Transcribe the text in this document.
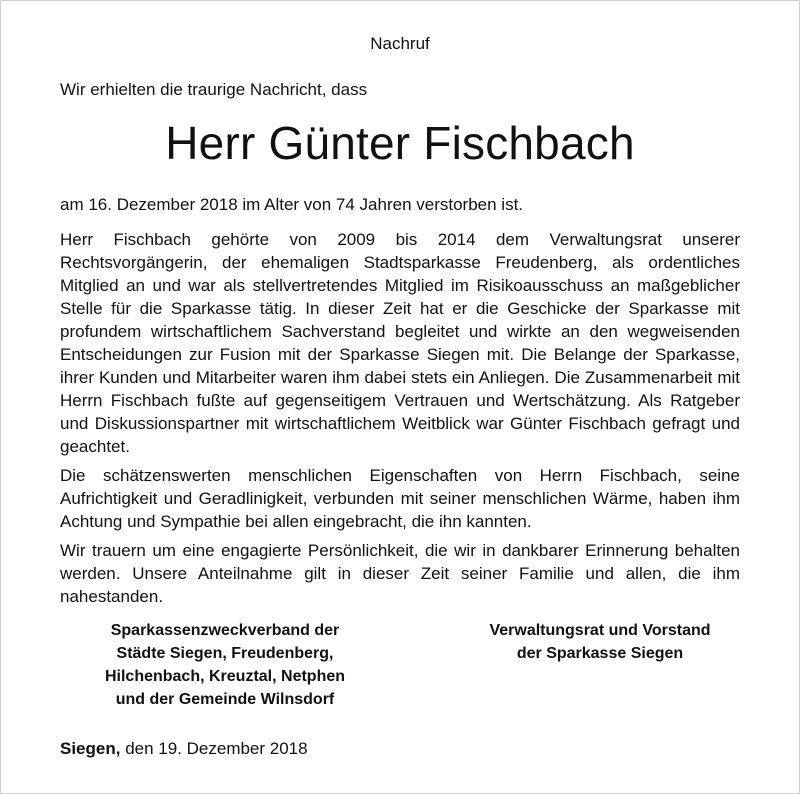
Nachruf
Wir erhielten die traurige Nachricht, dass
Herr Günter Fischbach
am 16. Dezember 2018 im Alter von 74 Jahren verstorben ist.

Herr Fischbach gehörte von 2009 bis 2014 dem Verwaltungsrat unserer Rechtsvorgängerin, der ehemaligen Stadtsparkasse Freudenberg, als ordentliches Mitglied an und war als stellvertretendes Mitglied im Risikoausschuss an maßgeblicher Stelle für die Sparkasse tätig. In dieser Zeit hat er die Geschicke der Sparkasse mit profundem wirtschaftlichem Sachverstand begleitet und wirkte an den wegweisenden Entscheidungen zur Fusion mit der Sparkasse Siegen mit. Die Belange der Sparkasse, ihrer Kunden und Mitarbeiter waren ihm dabei stets ein Anliegen. Die Zusammenarbeit mit Herrn Fischbach fußte auf gegenseitigem Vertrauen und Wertschätzung. Als Ratgeber und Diskussionspartner mit wirtschaftlichem Weitblick war Günter Fischbach gefragt und geachtet.

Die schätzenswerten menschlichen Eigenschaften von Herrn Fischbach, seine Aufrichtigkeit und Geradlinigkeit, verbunden mit seiner menschlichen Wärme, haben ihm Achtung und Sympathie bei allen eingebracht, die ihn kannten.

Wir trauern um eine engagierte Persönlichkeit, die wir in dankbarer Erinnerung behalten werden. Unsere Anteilnahme gilt in dieser Zeit seiner Familie und allen, die ihm nahestanden.

Sparkassenzweckverband der
Städte Siegen, Freudenberg,
Hilchenbach, Kreuztal, Netphen
und der Gemeinde Wilnsdorf
Verwaltungsrat und Vorstand
der Sparkasse Siegen
Siegen, den 19. Dezember 2018
